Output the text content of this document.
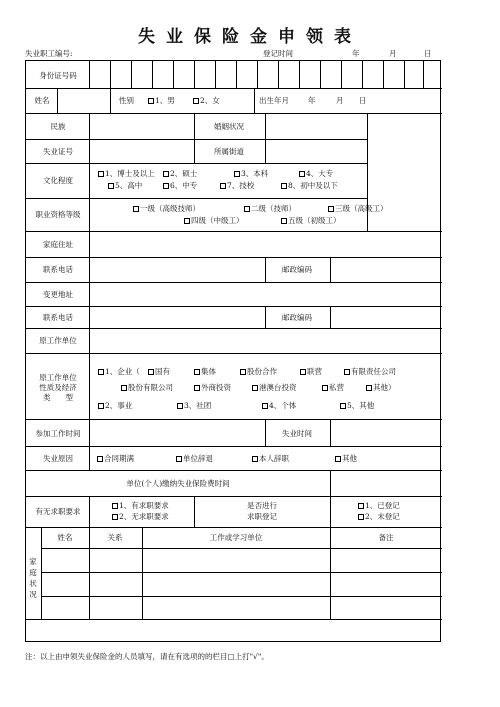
失业保险金申领表
失业职工编号:	登记时间	年	月	日
身份证号码
姓名	性别	1、男	2、女	出生年月	年	月 日
民族	婚姻状况
失业证号	所属街道
文化程度
1、博士及以上	2、硕士	3、本科	4、大专
5、高中	6、中专	7、技校	8、初中及以下
职业资格等级
一级（高级技师）	二级（技师）	三级（高级工）
四级（中级工）	五级（初级工）
家庭住址
联系电话	邮政编码
变更地址
联系电话	邮政编码
原工作单位
原工作单位
性质及经济
类　　型
1、企业（	国有	集体	股份合作	联营	有限责任公司
股份有限公司	外商投资	港澳台投资	私营	其他）
2、事业	3、社团	4、个体	5、其他
参加工作时间	失业时间
失业原因	合同期满	单位辞退	本人辞职	其他
单位(个人)缴纳失业保险费时间
有无求职要求
1、有求职要求
2、无求职要求
是否进行
求职登记
1、已登记
2、未登记
家
庭
状
况
姓名	关系	工作或学习单位	备注
注：以上由申领失业保险金的人员填写，请在有选项的的栏目□上打"√"。
